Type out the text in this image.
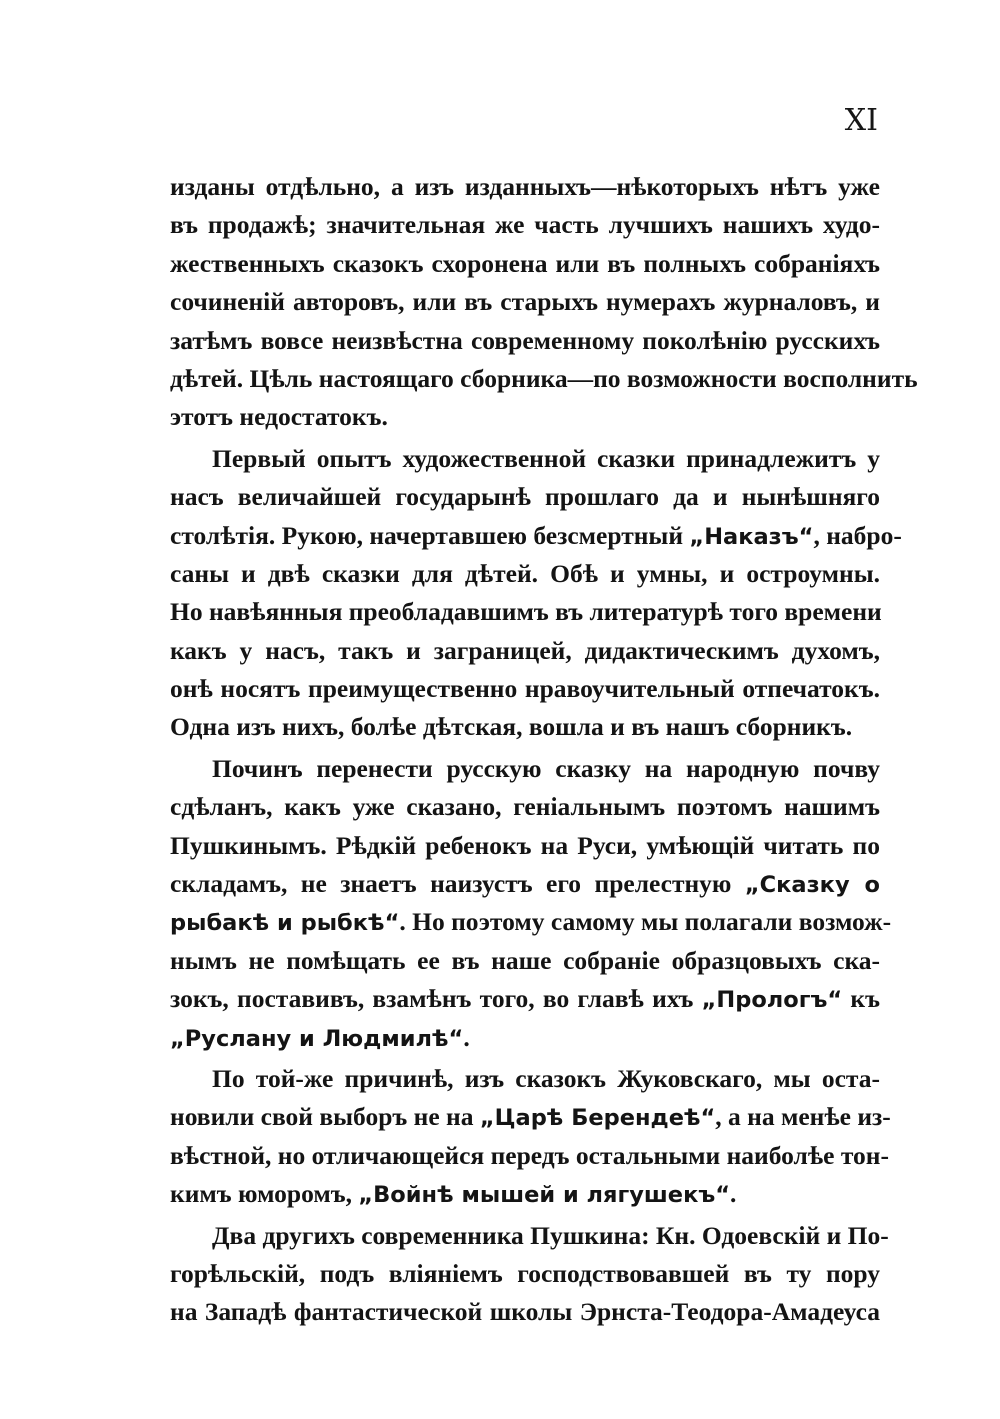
XI
изданы отдѣльно, а изъ изданныхъ—нѣкоторыхъ нѣтъ уже
въ продажѣ; значительная же часть лучшихъ нашихъ худо-
жественныхъ сказокъ схоронена или въ полныхъ собраніяхъ
сочиненій авторовъ, или въ старыхъ нумерахъ журналовъ, и
затѣмъ вовсе неизвѣстна современному поколѣнію русскихъ
дѣтей. Цѣль настоящаго сборника—по возможности восполнить
этотъ недостатокъ.
Первый опытъ художественной сказки принадлежитъ у
насъ величайшей государынѣ прошлаго да и нынѣшняго
столѣтія. Рукою, начертавшею безсмертный „Наказъ“, набро-
саны и двѣ сказки для дѣтей. Обѣ и умны, и остроумны.
Но навѣянныя преобладавшимъ въ литературѣ того времени
какъ у насъ, такъ и заграницей, дидактическимъ духомъ,
онѣ носятъ преимущественно нравоучительный отпечатокъ.
Одна изъ нихъ, болѣе дѣтская, вошла и въ нашъ сборникъ.
Починъ перенести русскую сказку на народную почву
сдѣланъ, какъ уже сказано, геніальнымъ поэтомъ нашимъ
Пушкинымъ. Рѣдкій ребенокъ на Руси, умѣющій читать по
складамъ, не знаетъ наизустъ его прелестную „Сказку о
рыбакѣ и рыбкѣ“. Но поэтому самому мы полагали возмож-
нымъ не помѣщать ее въ наше собраніе образцовыхъ ска-
зокъ, поставивъ, взамѣнъ того, во главѣ ихъ „Прологъ“ къ
„Руслану и Людмилѣ“.
По той-же причинѣ, изъ сказокъ Жуковскаго, мы оста-
новили свой выборъ не на „Царѣ Берендеѣ“, а на менѣе из-
вѣстной, но отличающейся передъ остальными наиболѣе тон-
кимъ юморомъ, „Войнѣ мышей и лягушекъ“.
Два другихъ современника Пушкина: Кн. Одоевскій и По-
горѣльскій, подъ вліяніемъ господствовавшей въ ту пору
на Западѣ фантастической школы Эрнста-Теодора-Амадеуса
